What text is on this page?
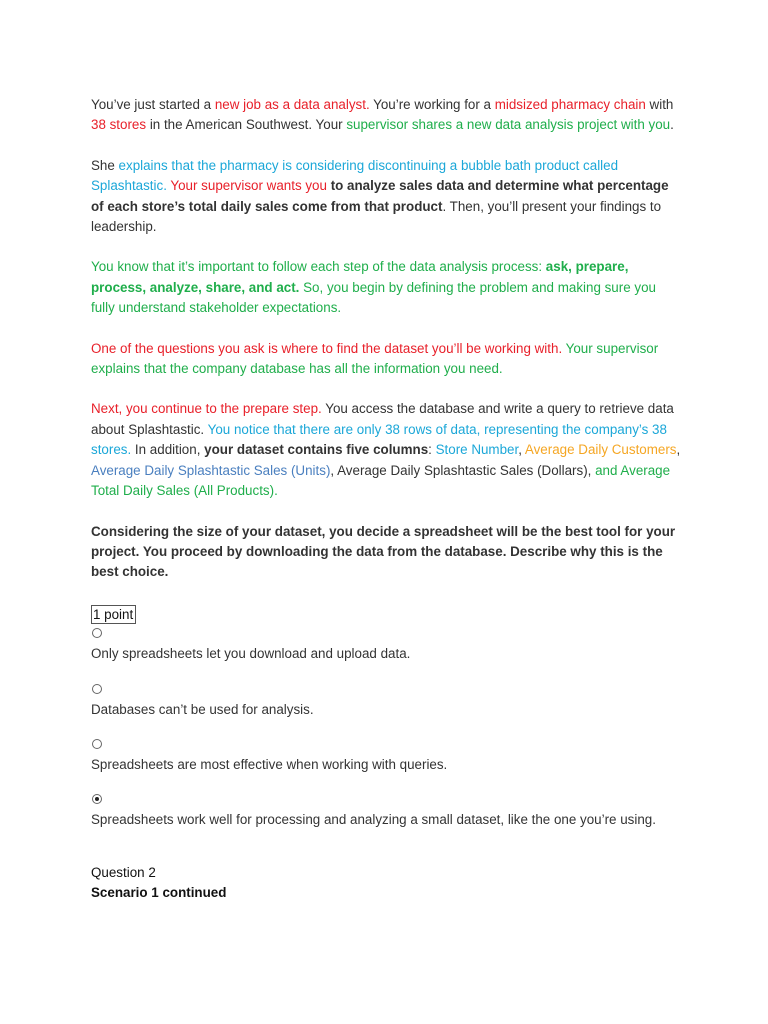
You’ve just started a new job as a data analyst. You’re working for a midsized pharmacy chain with 38 stores in the American Southwest. Your supervisor shares a new data analysis project with you.

She explains that the pharmacy is considering discontinuing a bubble bath product called Splashtastic. Your supervisor wants you to analyze sales data and determine what percentage of each store’s total daily sales come from that product. Then, you’ll present your findings to leadership.

You know that it’s important to follow each step of the data analysis process: ask, prepare, process, analyze, share, and act. So, you begin by defining the problem and making sure you fully understand stakeholder expectations.

One of the questions you ask is where to find the dataset you’ll be working with. Your supervisor explains that the company database has all the information you need.

Next, you continue to the prepare step. You access the database and write a query to retrieve data about Splashtastic. You notice that there are only 38 rows of data, representing the company’s 38 stores. In addition, your dataset contains five columns: Store Number, Average Daily Customers, Average Daily Splashtastic Sales (Units), Average Daily Splashtastic Sales (Dollars), and Average Total Daily Sales (All Products).

Considering the size of your dataset, you decide a spreadsheet will be the best tool for your project. You proceed by downloading the data from the database. Describe why this is the best choice.

1 point
Only spreadsheets let you download and upload data.
Databases can’t be used for analysis.
Spreadsheets are most effective when working with queries.
Spreadsheets work well for processing and analyzing a small dataset, like the one you’re using.
Question 2
Scenario 1 continued
